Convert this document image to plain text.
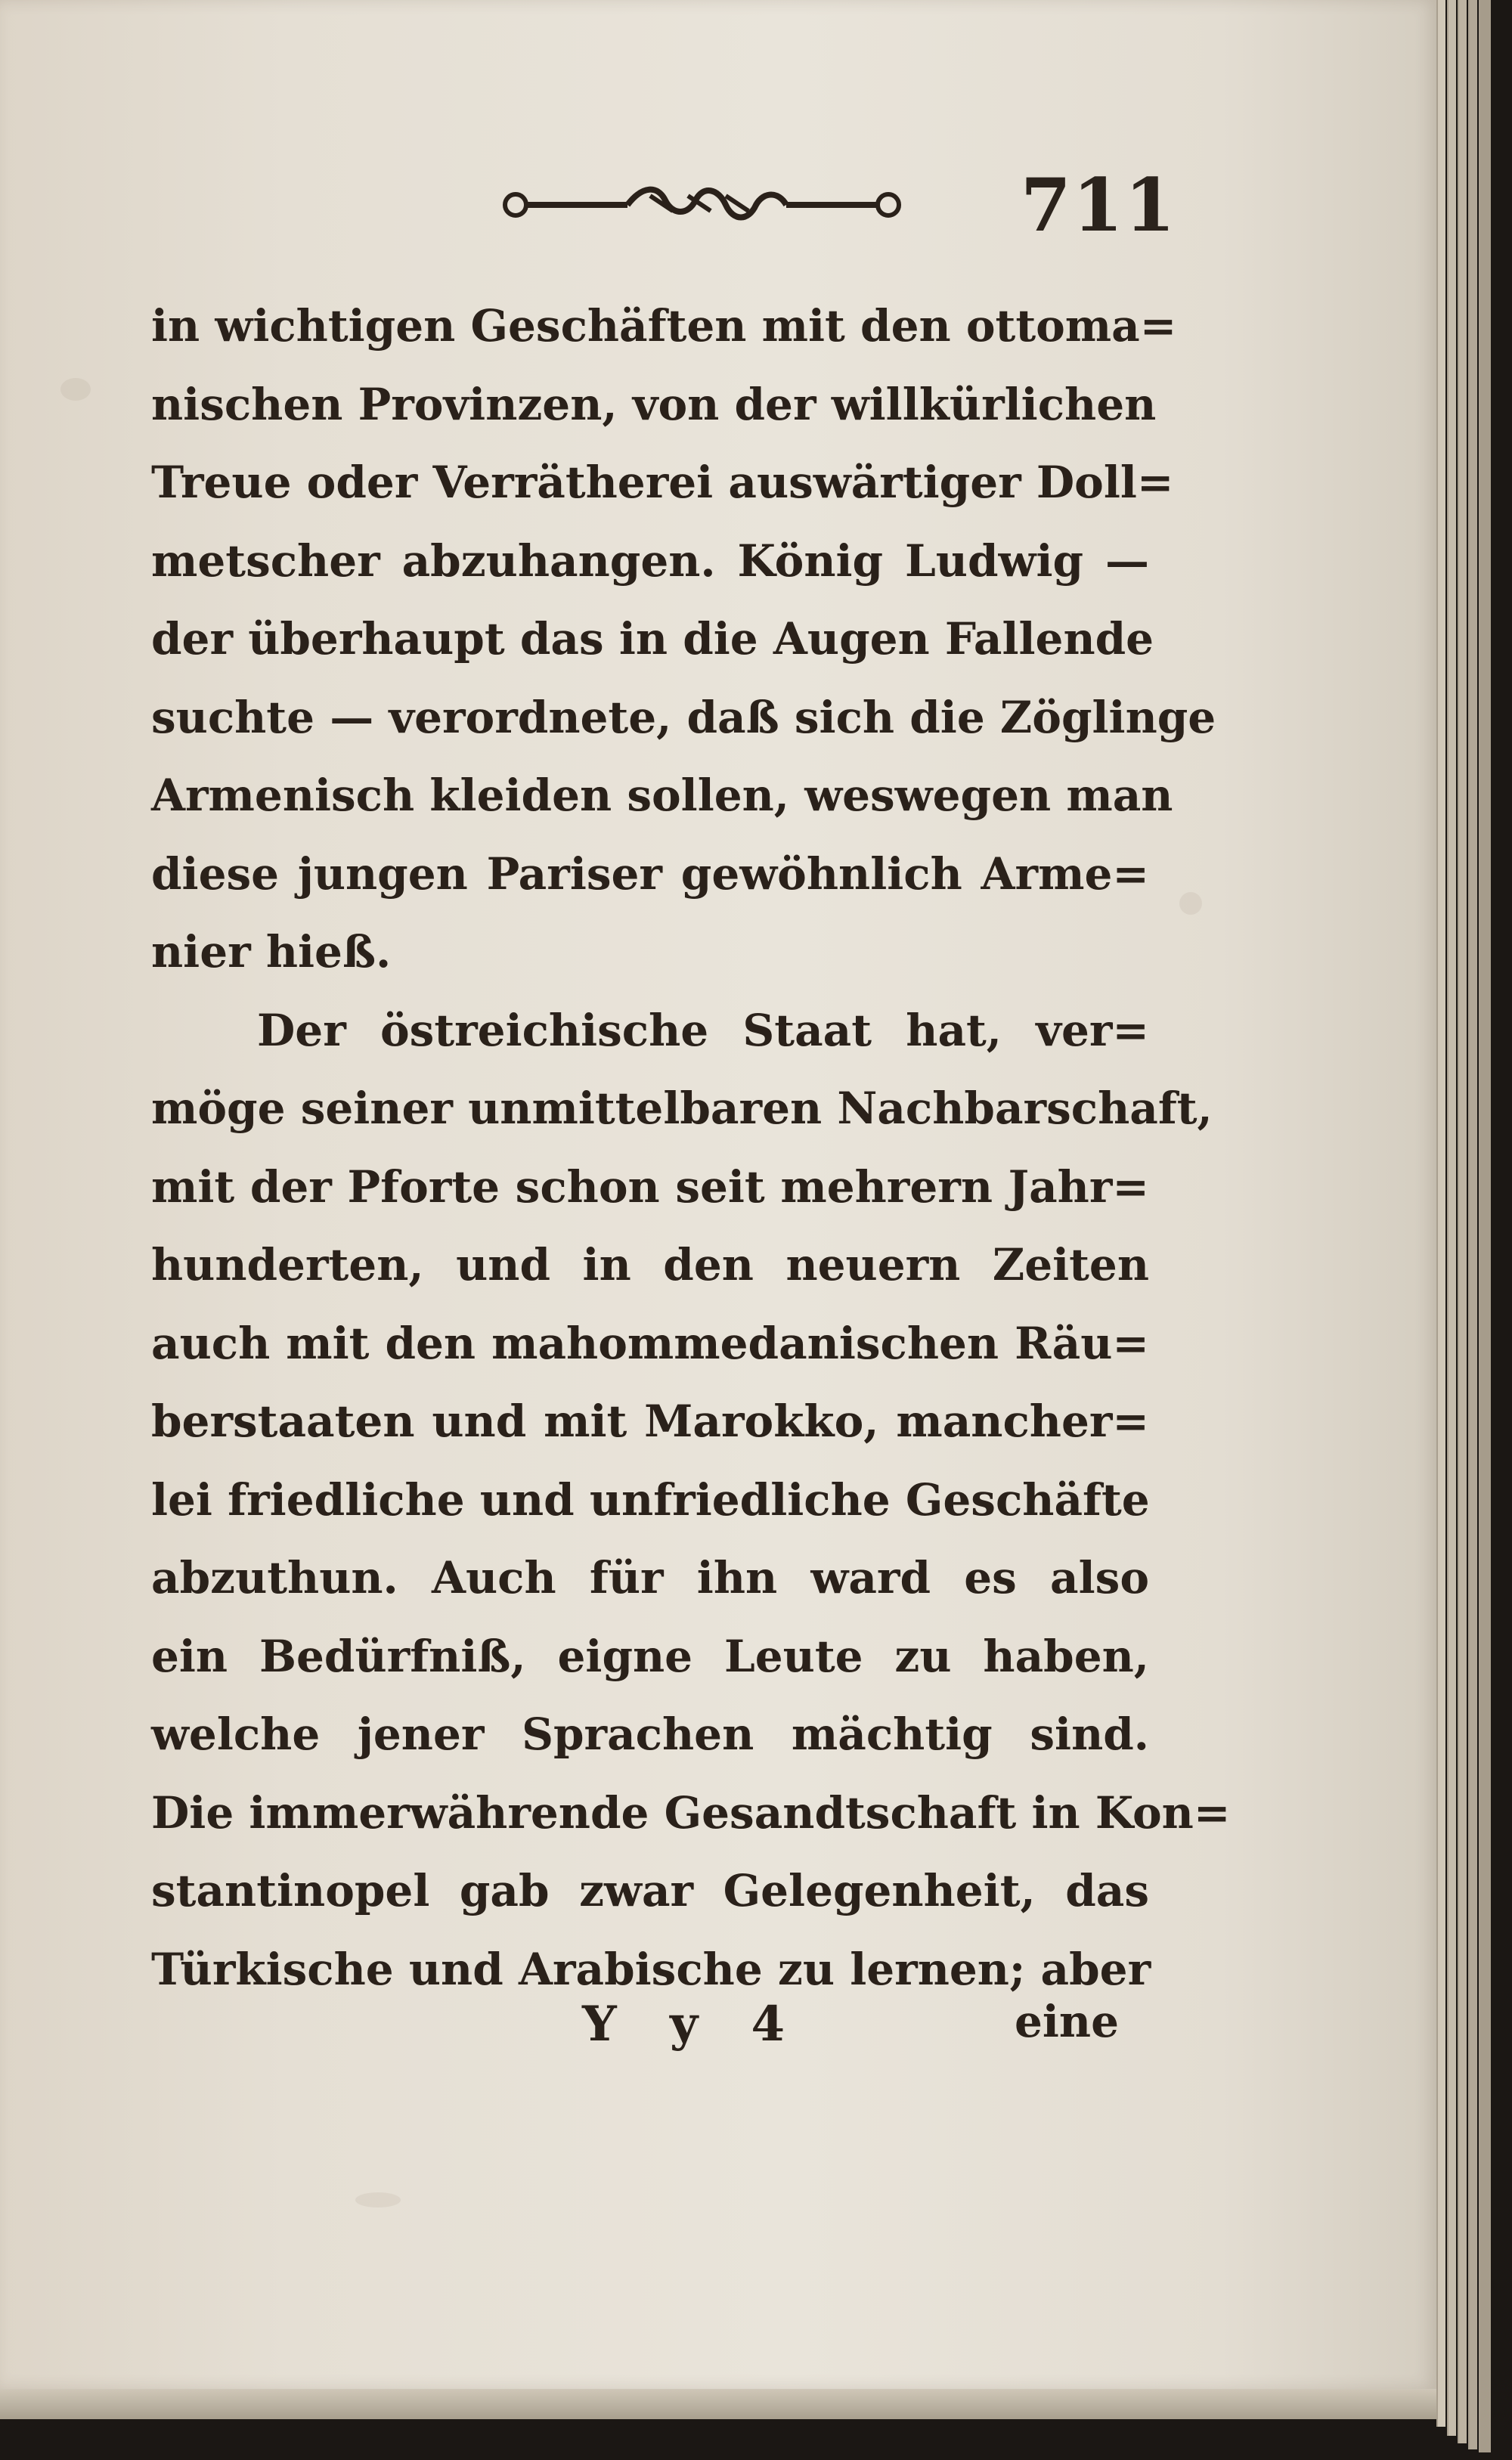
711
in wichtigen Geschäften mit den ottoma=
nischen Provinzen, von der willkürlichen
Treue oder Verrätherei auswärtiger Doll=
metscher abzuhangen. König Ludwig —
der überhaupt das in die Augen Fallende
suchte — verordnete, daß sich die Zöglinge
Armenisch kleiden sollen, weswegen man
diese jungen Pariser gewöhnlich Arme=
nier hieß.
Der östreichische Staat hat, ver=
möge seiner unmittelbaren Nachbarschaft,
mit der Pforte schon seit mehrern Jahr=
hunderten, und in den neuern Zeiten
auch mit den mahommedanischen Räu=
berstaaten und mit Marokko, mancher=
lei friedliche und unfriedliche Geschäfte
abzuthun. Auch für ihn ward es also
ein Bedürfniß, eigne Leute zu haben,
welche jener Sprachen mächtig sind.
Die immerwährende Gesandtschaft in Kon=
stantinopel gab zwar Gelegenheit, das
Türkische und Arabische zu lernen; aber
Y y 4	eine
